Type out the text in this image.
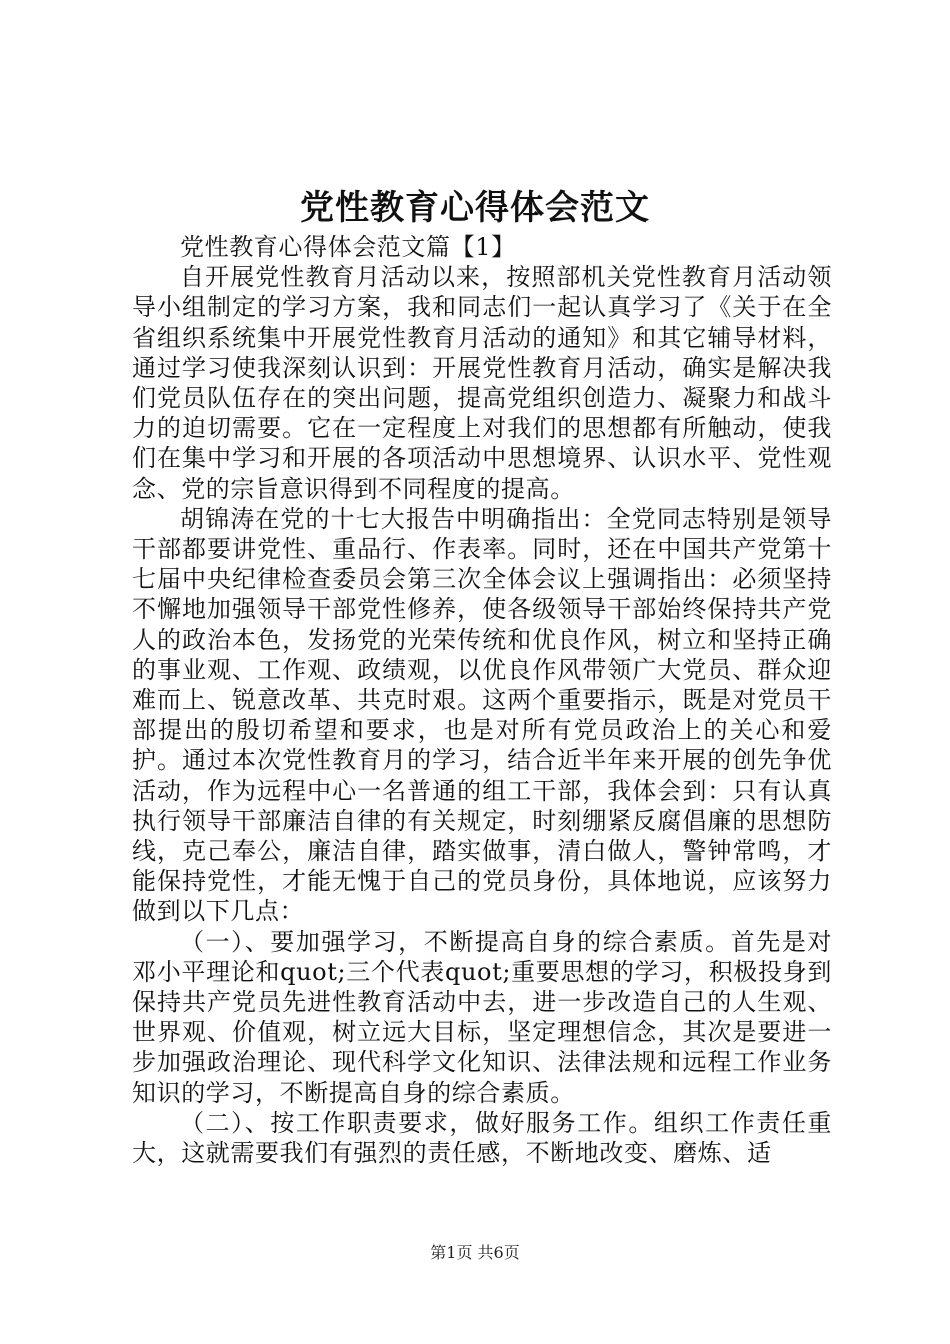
党性教育心得体会范文

党性教育心得体会范文篇【1】

自开展党性教育月活动以来，按照部机关党性教育月活动领导小组制定的学习方案，我和同志们一起认真学习了《关于在全省组织系统集中开展党性教育月活动的通知》和其它辅导材料，通过学习使我深刻认识到：开展党性教育月活动，确实是解决我们党员队伍存在的突出问题，提高党组织创造力、凝聚力和战斗力的迫切需要。它在一定程度上对我们的思想都有所触动，使我们在集中学习和开展的各项活动中思想境界、认识水平、党性观念、党的宗旨意识得到不同程度的提高。

胡锦涛在党的十七大报告中明确指出：全党同志特别是领导干部都要讲党性、重品行、作表率。同时，还在中国共产党第十七届中央纪律检查委员会第三次全体会议上强调指出：必须坚持不懈地加强领导干部党性修养，使各级领导干部始终保持共产党人的政治本色，发扬党的光荣传统和优良作风，树立和坚持正确的事业观、工作观、政绩观，以优良作风带领广大党员、群众迎难而上、锐意改革、共克时艰。这两个重要指示，既是对党员干部提出的殷切希望和要求，也是对所有党员政治上的关心和爱护。通过本次党性教育月的学习，结合近半年来开展的创先争优活动，作为远程中心一名普通的组工干部，我体会到：只有认真执行领导干部廉洁自律的有关规定，时刻绷紧反腐倡廉的思想防线，克己奉公，廉洁自律，踏实做事，清白做人，警钟常鸣，才能保持党性，才能无愧于自己的党员身份，具体地说，应该努力做到以下几点：

（一）、要加强学习，不断提高自身的综合素质。首先是对邓小平理论和quot;三个代表quot;重要思想的学习，积极投身到保持共产党员先进性教育活动中去，进一步改造自己的人生观、世界观、价值观，树立远大目标，坚定理想信念，其次是要进一步加强政治理论、现代科学文化知识、法律法规和远程工作业务知识的学习，不断提高自身的综合素质。

（二）、按工作职责要求，做好服务工作。组织工作责任重大，这就需要我们有强烈的责任感，不断地改变、磨炼、适

第1页 共6页
